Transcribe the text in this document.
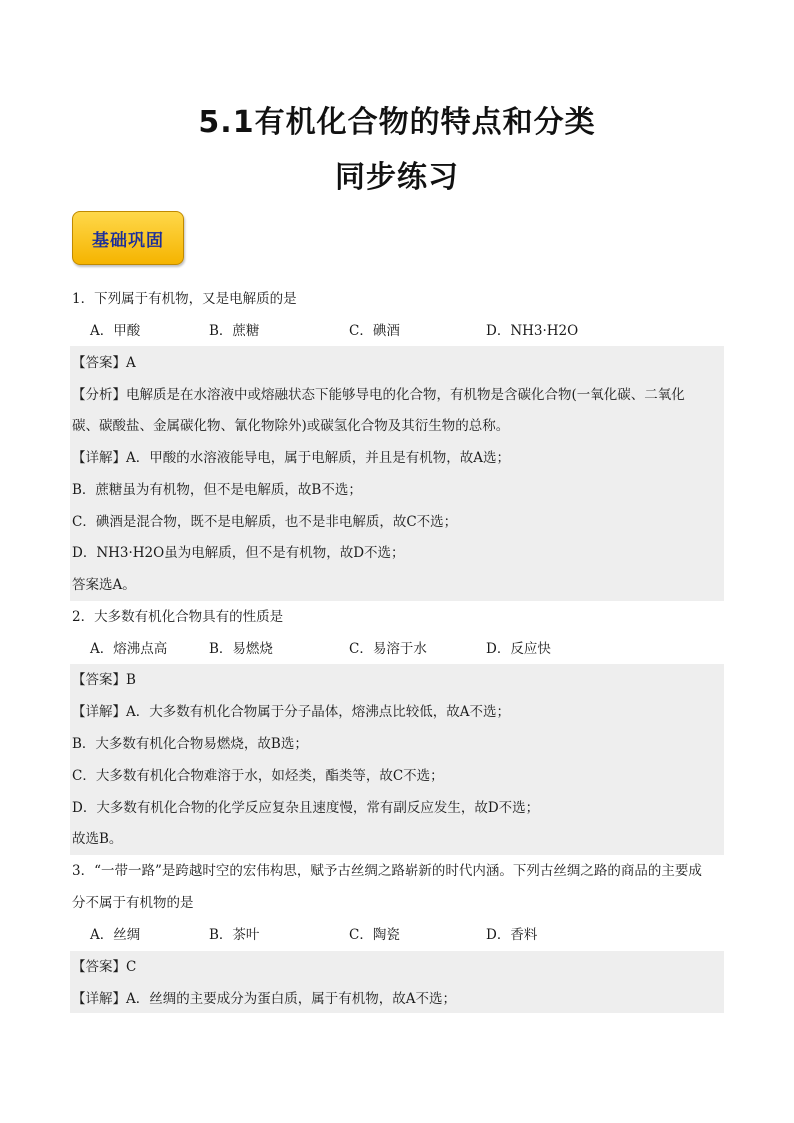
5.1有机化合物的特点和分类
同步练习
基础巩固
1．下列属于有机物，又是电解质的是
A．甲酸	B．蔗糖	C．碘酒	D．NH3·H2O
【答案】A
【分析】电解质是在水溶液中或熔融状态下能够导电的化合物，有机物是含碳化合物(一氧化碳、二氧化
碳、碳酸盐、金属碳化物、氰化物除外)或碳氢化合物及其衍生物的总称。
【详解】A．甲酸的水溶液能导电，属于电解质，并且是有机物，故A选；
B．蔗糖虽为有机物，但不是电解质，故B不选；
C．碘酒是混合物，既不是电解质，也不是非电解质，故C不选；
D．NH3·H2O虽为电解质，但不是有机物，故D不选；
答案选A。
2．大多数有机化合物具有的性质是
A．熔沸点高	B．易燃烧	C．易溶于水	D．反应快
【答案】B
【详解】A．大多数有机化合物属于分子晶体，熔沸点比较低，故A不选；
B．大多数有机化合物易燃烧，故B选；
C．大多数有机化合物难溶于水，如烃类，酯类等，故C不选；
D．大多数有机化合物的化学反应复杂且速度慢，常有副反应发生，故D不选；
故选B。
3．“一带一路”是跨越时空的宏伟构思，赋予古丝绸之路崭新的时代内涵。下列古丝绸之路的商品的主要成
分不属于有机物的是
A．丝绸	B．茶叶	C．陶瓷	D．香料
【答案】C
【详解】A．丝绸的主要成分为蛋白质，属于有机物，故A不选；
